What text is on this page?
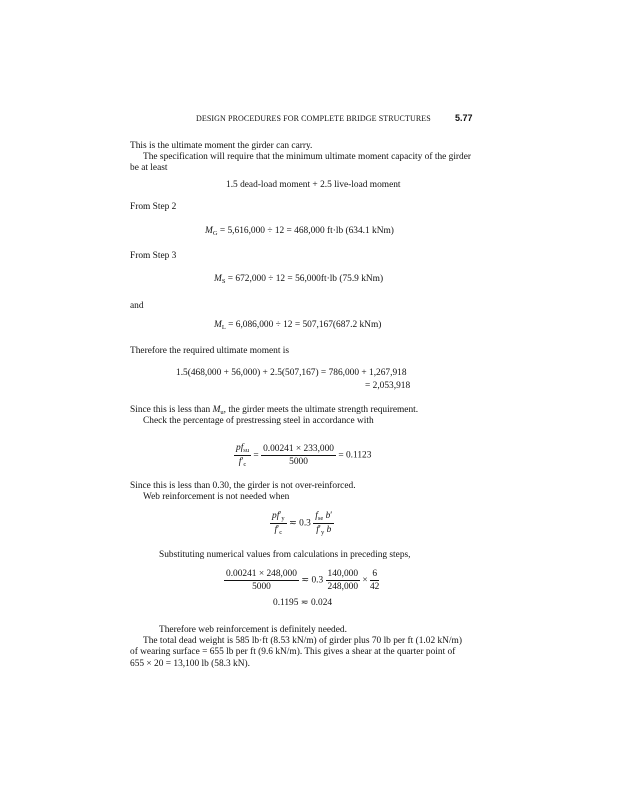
DESIGN PROCEDURES FOR COMPLETE BRIDGE STRUCTURES	5.77
This is the ultimate moment the girder can carry.
The specification will require that the minimum ultimate moment capacity of the girder
be at least
1.5 dead-load moment + 2.5 live-load moment
From Step 2
$M_G = 5,616,000 \div 12 = 468,000$ ft·lb (634.1 kNm)
From Step 3
$M_S = 672,000 \div 12 = 56,000ft\cdot lb$ (75.9 kNm)
and
$M_L = 6,086,000 \div 12 = 507,167(687.2$ kNm)
Therefore the required ultimate moment is
1.5(468,000 + 56,000) + 2.5(507,167) = 786,000 + 1,267,918
= 2,053,918
Since this is less than $M_u$, the girder meets the ultimate strength requirement.
Check the percentage of prestressing steel in accordance with
$\frac{pf_{su}}{f'_c} = \frac{0.00241 \times 233,000}{5000} = 0.1123$
Since this is less than 0.30, the girder is not over-reinforced.
Web reinforcement is not needed when
$\frac{pf'_y}{f'_c}$ ≂ $0.3 \frac{f_{se} b'}{f'_y b}$
Substituting numerical values from calculations in preceding steps,
$\frac{0.00241 \times 248,000}{5000}$ ≂ $0.3 \frac{140,000}{248,000} \times \frac{6}{42}$
0.1195 ≂ 0.024
Therefore web reinforcement is definitely needed.
The total dead weight is 585 lb·ft (8.53 kN/m) of girder plus 70 lb per ft (1.02 kN/m)
of wearing surface = 655 lb per ft (9.6 kN/m). This gives a shear at the quarter point of
655 × 20 = 13,100 lb (58.3 kN).
